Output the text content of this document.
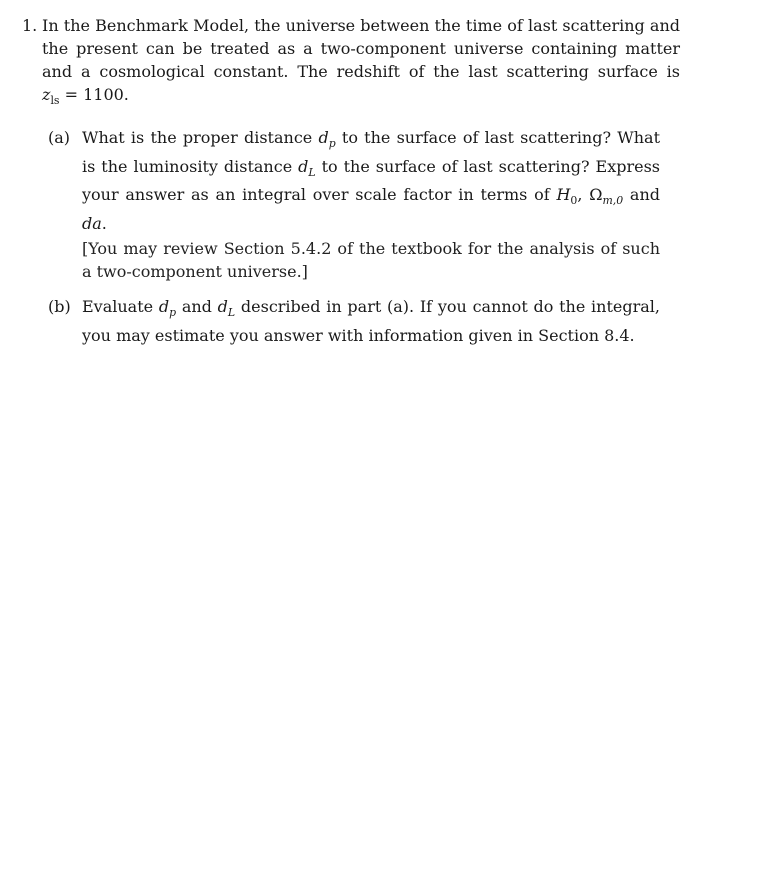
1. In the Benchmark Model, the universe between the time of last scattering and the present can be treated as a two-component universe containing matter and a cosmological constant. The redshift of the last scattering surface is $z_{ls} = 1100$.
(a) What is the proper distance $d_p$ to the surface of last scattering? What is the luminosity distance $d_L$ to the surface of last scattering? Express your answer as an integral over scale factor in terms of $H_0$, $\Omega_{m,0}$ and da.
[You may review Section 5.4.2 of the textbook for the analysis of such a two-component universe.]
(b) Evaluate $d_p$ and $d_L$ described in part (a). If you cannot do the integral, you may estimate you answer with information given in Section 8.4.
